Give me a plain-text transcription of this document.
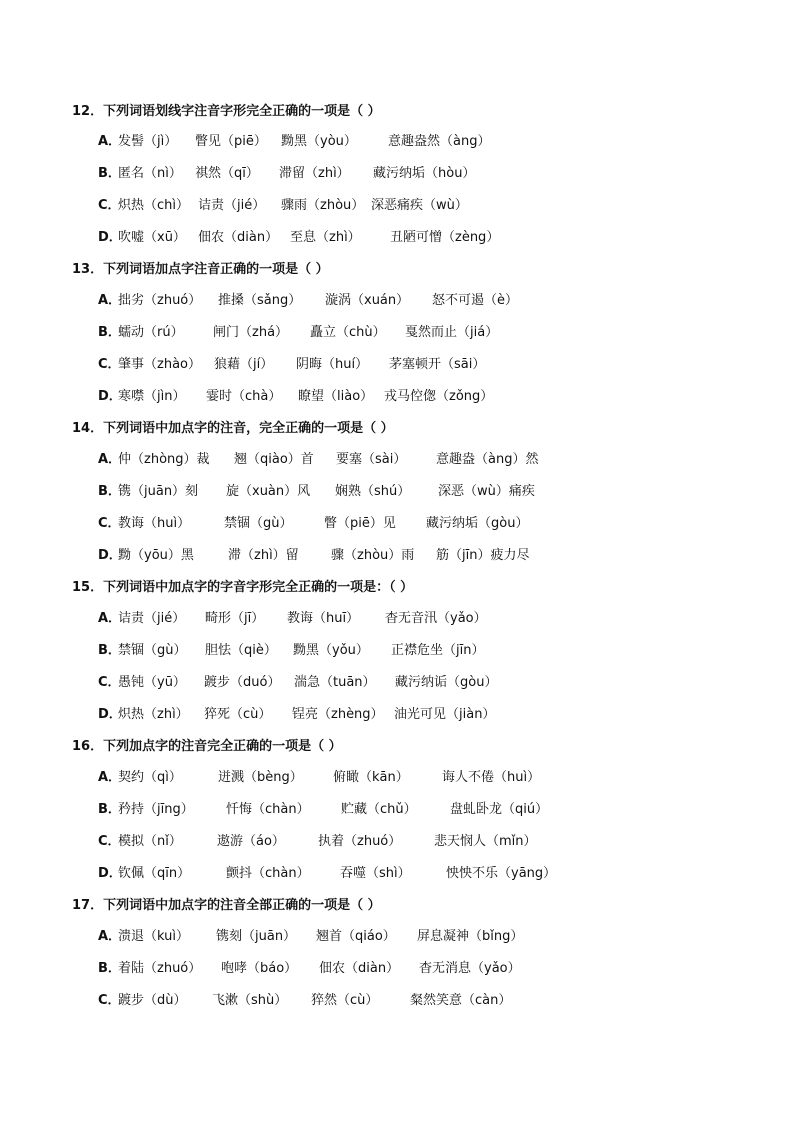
12．下列词语划线字注音字形完全正确的一项是（ ）
A．
发髻（jì） 瞥见（piē） 黝黑（yòu） 意趣盎然（àng）
B．
匿名（nì） 祺然（qī） 滞留（zhì） 藏污纳垢（hòu）
C．
炽热（chì） 诘责（jié） 骤雨（zhòu） 深恶痛疾（wù）
D．
吹嘘（xū） 佃农（diàn） 至息（zhì） 丑陋可憎（zèng）
13．下列词语加点字注音正确的一项是（ ）
A．
拙劣（zhuó） 推搡（sǎng） 漩涡（xuán） 怒不可遏（è）
B．
蠕动（rú） 闸门（zhá） 矗立（chù） 戛然而止（jiá）
C．
肇事（zhào） 狼藉（jí） 阴晦（huí） 茅塞顿开（sāi）
D．
寒噤（jìn） 霎时（chà） 瞭望（liào） 戎马倥偬（zǒng）
14．下列词语中加点字的注音，完全正确的一项是（ ）
A．
仲（zhòng）裁 翘（qiào）首 要塞（sài） 意趣盎（àng）然
B．
镌（juān）刻 旋（xuàn）风 娴熟（shú） 深恶（wù）痛疾
C．
教诲（huì）	禁锢（gù） 瞥（piē）见 藏污纳垢（gòu）
D．
黝（yōu）黑	滞（zhì）留 骤（zhòu）雨 筋（jīn）疲力尽
15．下列词语中加点字的字音字形完全正确的一项是：（ ）
A．
诘责（jié） 畸形（jī） 教诲（huī） 杳无音汛（yǎo）
B．
禁锢（gù） 胆怯（qiè） 黝黑（yǒu） 正襟危坐（jīn）
C．
愚钝（yū） 踱步（duó） 湍急（tuān） 藏污纳诟（gòu）
D．
炽热（zhì） 猝死（cù） 锃亮（zhèng） 油光可见（jiàn）
16．下列加点字的注音完全正确的一项是（ ）
A．
契约（qì）	迸溅（bèng） 俯瞰（kān）	诲人不倦（huì）
B．
矜持（jīng） 忏悔（chàn） 贮藏（chǔ）	盘虬卧龙（qiú）
C．
模拟（nǐ）	遨游（áo）	执着（zhuó）	悲天悯人（mǐn）
D．
钦佩（qīn）	颤抖（chàn） 吞噬（shì）	怏怏不乐（yāng）
17．下列词语中加点字的注音全部正确的一项是（ ）
A．
溃退（kuì） 镌刻（juān） 翘首（qiáo） 屏息凝神（bǐng）
B．
着陆（zhuó） 咆哮（báo） 佃农（diàn） 杳无消息（yǎo）
C．
踱步（dù） 飞漱（shù） 猝然（cù） 粲然笑意（càn）
